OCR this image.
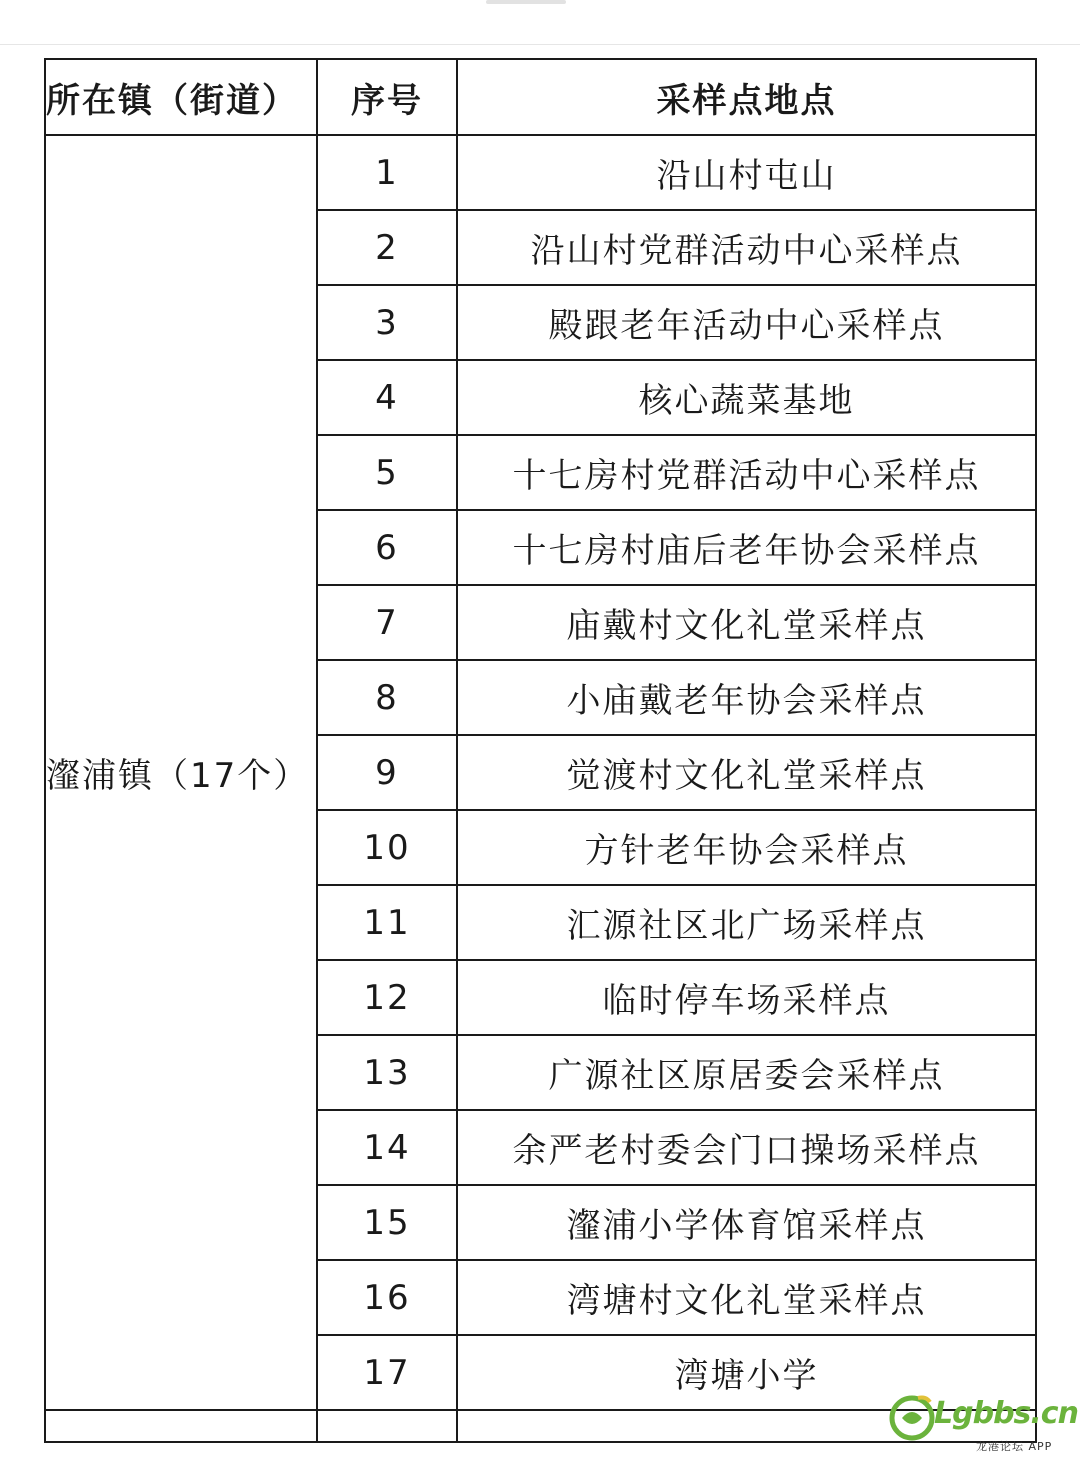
所在镇（街道）	序号	采样点地点
瀣浦镇（17个）	1	沿山村屯山
	2	沿山村党群活动中心采样点
	3	殿跟老年活动中心采样点
	4	核心蔬菜基地
	5	十七房村党群活动中心采样点
	6	十七房村庙后老年协会采样点
	7	庙戴村文化礼堂采样点
	8	小庙戴老年协会采样点
	9	觉渡村文化礼堂采样点
	10	方针老年协会采样点
	11	汇源社区北广场采样点
	12	临时停车场采样点
	13	广源社区原居委会采样点
	14	余严老村委会门口操场采样点
	15	瀣浦小学体育馆采样点
	16	湾塘村文化礼堂采样点
	17	湾塘小学

Lgbbs.cn
龙港论坛 APP
